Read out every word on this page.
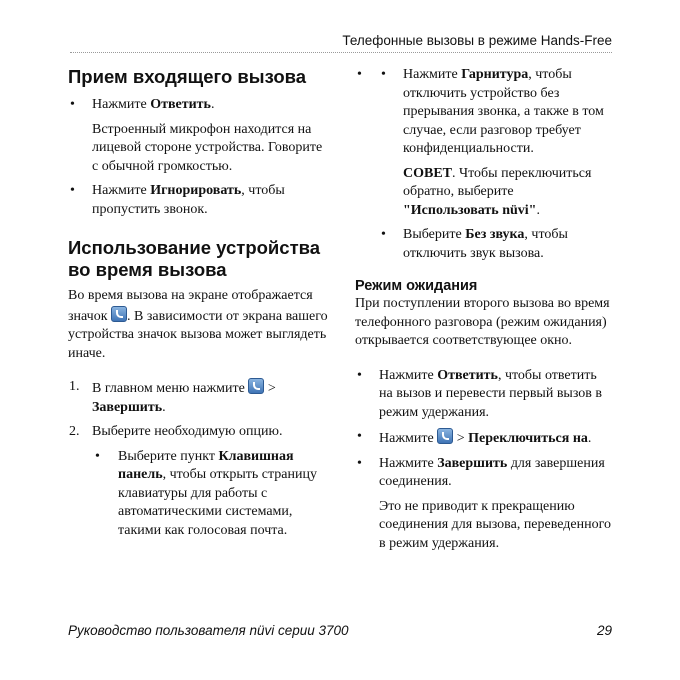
Телефонные вызовы в режиме Hands-Free
Прием входящего вызова
• Нажмите Ответить.

Встроенный микрофон находится на лицевой стороне устройства. Говорите с обычной громкостью.

• Нажмите Игнорировать, чтобы пропустить звонок.
Использование устройства во время вызова

Во время вызова на экране отображается значок . В зависимости от экрана вашего устройства значок вызова может выглядеть иначе.

1. В главном меню нажмите  > Завершить.
2. Выберите необходимую опцию.
• Выберите пункт Клавишная панель, чтобы открыть страницу клавиатуры для работы с автоматическими системами, такими как голосовая почта.
• • Нажмите Гарнитура, чтобы отключить устройство без прерывания звонка, а также в том случае, если разговор требует конфиденциальности.

СОВЕТ. Чтобы переключиться обратно, выберите "Использовать nüvi".

• Выберите Без звука, чтобы отключить звук вызова.
Режим ожидания

При поступлении второго вызова во время телефонного разговора (режим ожидания) открывается соответствующее окно.

• Нажмите Ответить, чтобы ответить на вызов и перевести первый вызов в режим удержания.
• Нажмите  > Переключиться на.
• Нажмите Завершить для завершения соединения.

Это не приводит к прекращению соединения для вызова, переведенного в режим удержания.

Руководство пользователя nüvi серии 3700	29
